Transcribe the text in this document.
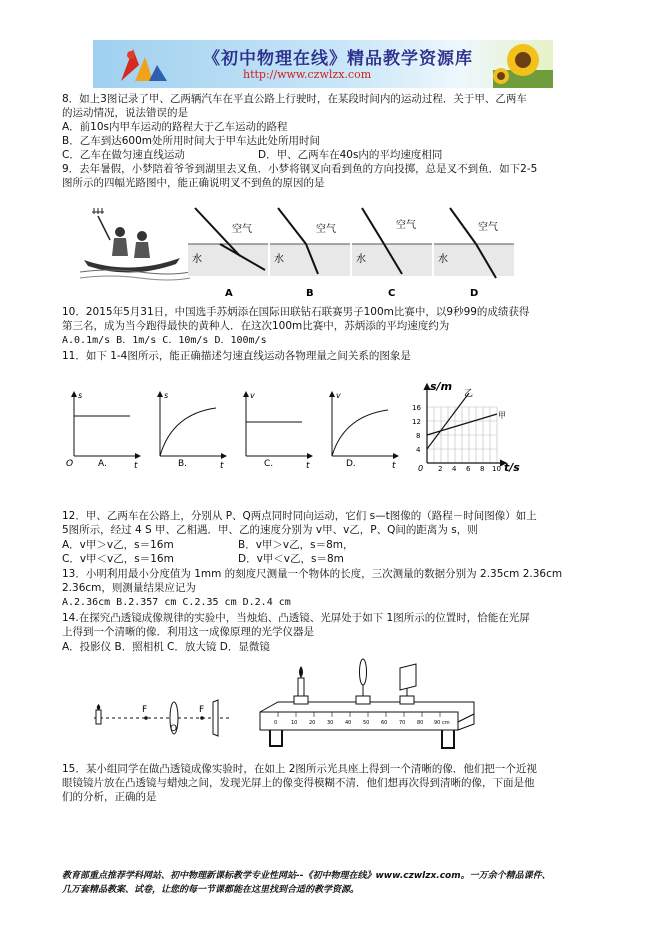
《初中物理在线》精品教学资源库
http://www.czwlzx.com
8．如上3图记录了甲、乙两辆汽车在平直公路上行驶时，在某段时间内的运动过程．关于甲、乙两车
的运动情况，说法错误的是
A．前10s内甲车运动的路程大于乙车运动的路程
B．乙车到达600m处所用时间大于甲车达此处所用时间
C．乙车在做匀速直线运动	D．甲、乙两车在40s内的平均速度相同
9．去年暑假，小梦陪着爷爷到湖里去叉鱼．小梦将钢叉向看到鱼的方向投掷，总是叉不到鱼．如下2-5
图所示的四幅光路图中，能正确说明叉不到鱼的原因的是
空气
水
A
空气
水
B
空气
水
C
空气
水
D
10．2015年5月31日，中国选手苏炳添在国际田联钻石联赛男子100m比赛中，以9秒99的成绩获得
第三名，成为当今跑得最快的黄种人．在这次100m比赛中，苏炳添的平均速度约为
A.0.1m/s B．1m/s C．10m/s D．100m/s
11．如下 1-4图所示，能正确描述匀速直线运动各物理量之间关系的图象是
s
O	A.	t
s
B.	t
v
C.	t
v
D.	t
s/m
乙
甲
16
12
8
4
0 2 4 6 8 10 t/s
12．甲、乙两车在公路上，分别从 P、Q两点同时同向运动，它们 s—t图像的（路程－时间图像）如上
5图所示，经过 4 S 甲、乙相遇．甲、乙的速度分别为 v甲、v乙，P、Q间的距离为 s，则
A．v甲＞v乙，s＝16m	B．v甲＞v乙，s＝8m，
C．v甲＜v乙，s＝16m	D．v甲＜v乙，s＝8m
13．小明利用最小分度值为 1mm 的刻度尺测量一个物体的长度，三次测量的数据分别为 2.35cm 2.36cm
2.36cm，则测量结果应记为
A.2.36cm B.2.357 cm C.2.35 cm D.2.4 cm
14.在探究凸透镜成像规律的实验中，当烛焰、凸透镜、光屏处于如下 1图所示的位置时，恰能在光屏
上得到一个清晰的像．利用这一成像原理的光学仪器是
A．投影仪 B．照相机 C．放大镜 D．显微镜
F
O
F
0	10 20 30 40 50 60 70 80 90 cm
15．某小组同学在做凸透镜成像实验时，在如上 2图所示光具座上得到一个清晰的像．他们把一个近视
眼镜镜片放在凸透镜与蜡烛之间，发现光屏上的像变得模糊不清．他们想再次得到清晰的像，下面是他
们的分析，正确的是
教育部重点推荐学科网站、初中物理新课标教学专业性网站--《初中物理在线》www.czwlzx.com。一万余个精品课件、
几万套精品教案、试卷，让您的每一节课都能在这里找到合适的教学资源。
